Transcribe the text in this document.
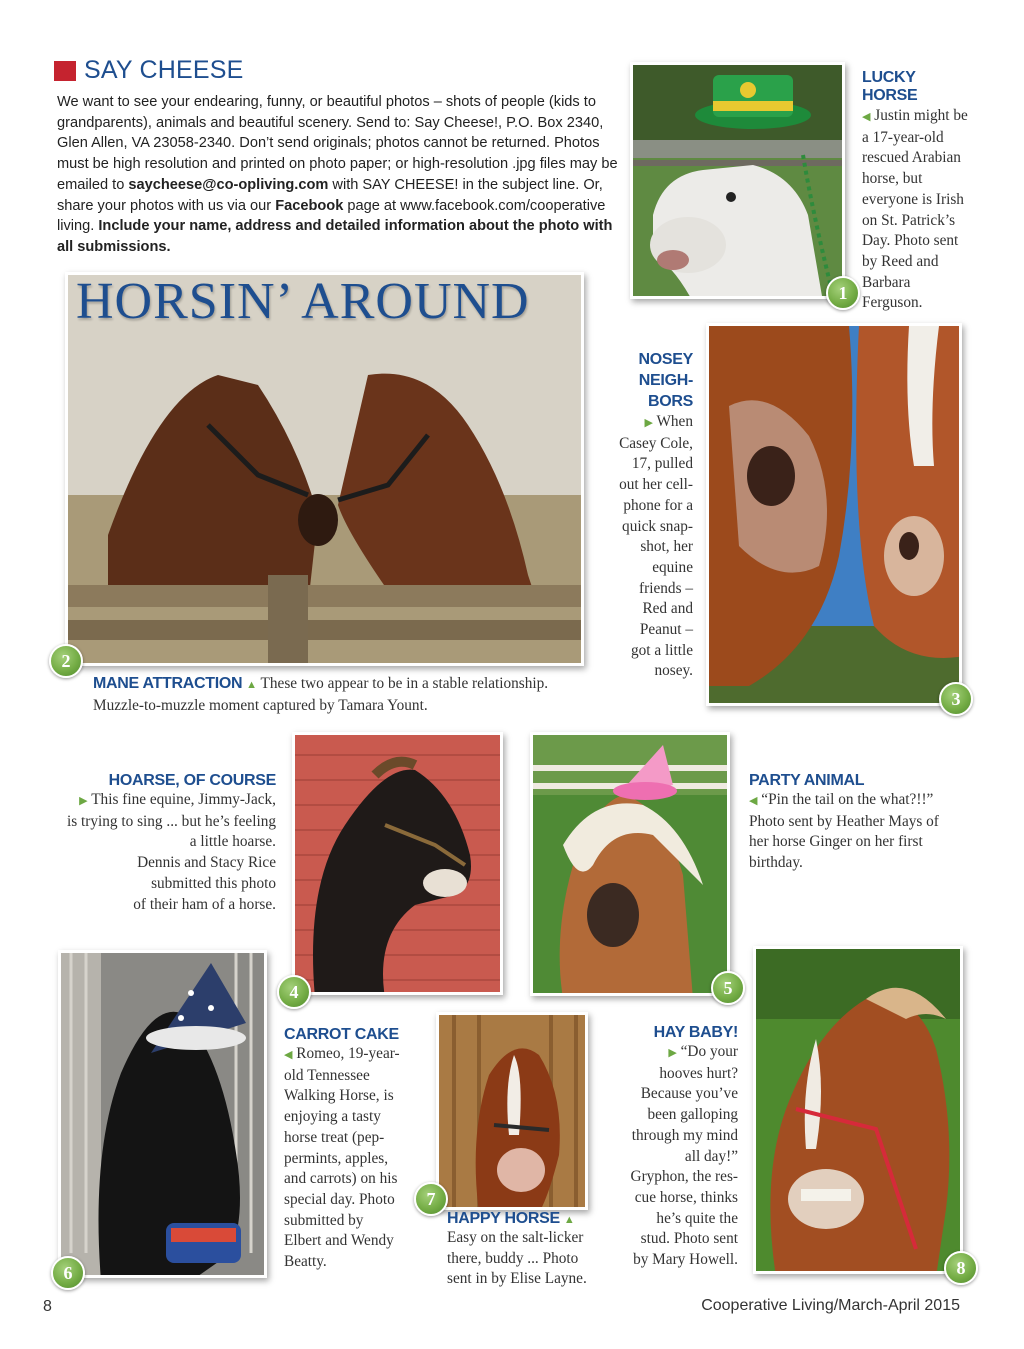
SAY CHEESE
We want to see your endearing, funny, or beautiful photos – shots of people (kids to
grandparents), animals and beautiful scenery. Send to: Say Cheese!, P.O. Box 2340,
Glen Allen, VA 23058-2340. Don’t send originals; photos cannot be returned. Photos
must be high resolution and printed on photo paper; or high-resolution .jpg files may be
emailed to saycheese@co-opliving.com with SAY CHEESE! in the subject line. Or,
share your photos with us via our Facebook page at www.facebook.com/cooperative
living. Include your name, address and detailed information about the photo with all submissions.
1
LUCKY HORSE
◀ Justin might be a 17-year-old rescued Arabian horse, but everyone is Irish on St. Patrick’s Day. Photo sent by Reed and Barbara Ferguson.
HORSIN’ AROUND
2
MANE ATTRACTION ▲ These two appear to be in a stable relationship.
Muzzle-to-muzzle moment captured by Tamara Yount.
NOSEY
NEIGH-
BORS
▶ When
Casey Cole,
17, pulled
out her cell-
phone for a
quick snap-
shot, her
equine
friends –
Red and
Peanut –
got a little
nosey.
3
HOARSE, OF COURSE
▶ This fine equine, Jimmy-Jack,
is trying to sing ... but he’s feeling
a little hoarse.
Dennis and Stacy Rice
submitted this photo
of their ham of a horse.
4	5
PARTY ANIMAL
◀ “Pin the tail on the what?!!”
Photo sent by Heather Mays of
her horse Ginger on her first
birthday.
6
CARROT CAKE
◀ Romeo, 19-year-
old Tennessee
Walking Horse, is
enjoying a tasty
horse treat (pep-
permints, apples,
and carrots) on his
special day. Photo
submitted by
Elbert and Wendy
Beatty.
7
HAPPY HORSE ▲
Easy on the salt-licker
there, buddy ... Photo
sent in by Elise Layne.
HAY BABY!
▶ “Do your
hooves hurt?
Because you’ve
been galloping
through my mind
all day!”
Gryphon, the res-
cue horse, thinks
he’s quite the
stud. Photo sent
by Mary Howell.	8
8	Cooperative Living/March-April 2015
